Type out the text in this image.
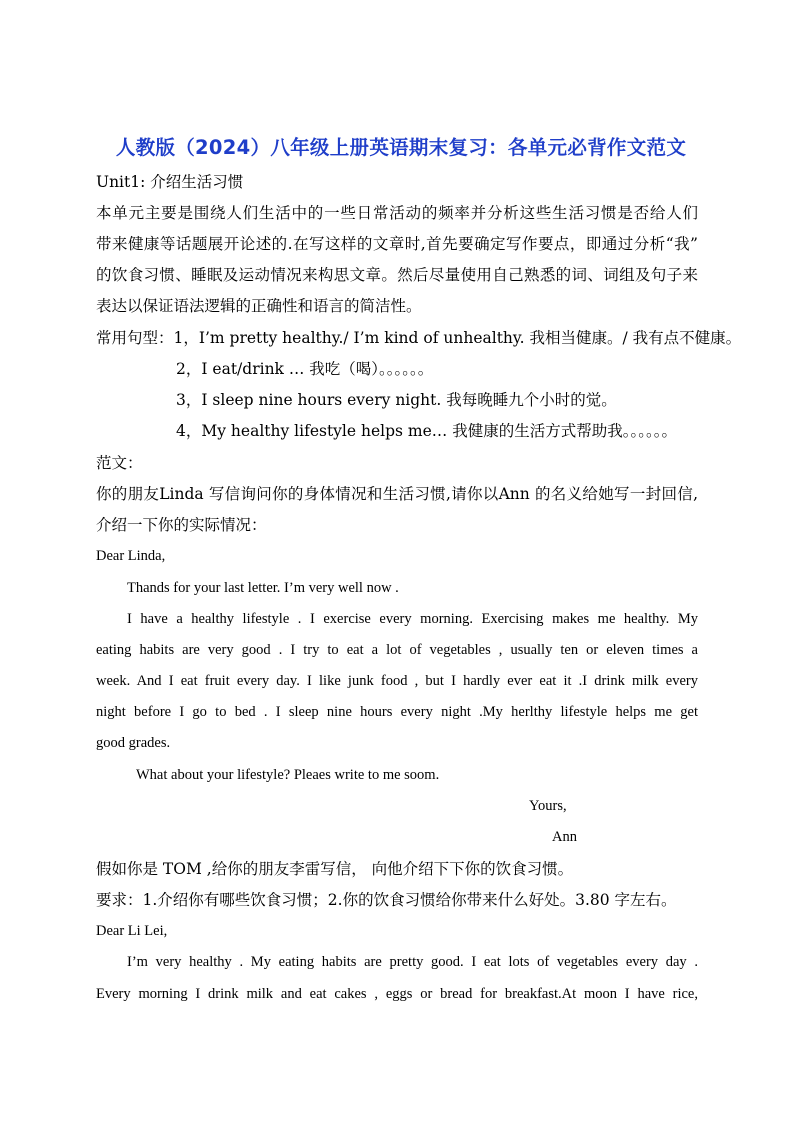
人教版（2024）八年级上册英语期末复习：各单元必背作文范文
Unit1: 介绍生活习惯
本单元主要是围绕人们生活中的一些日常活动的频率并分析这些生活习惯是否给人们
带来健康等话题展开论述的.在写这样的文章时,首先要确定写作要点，即通过分析“我”
的饮食习惯、睡眠及运动情况来构思文章。然后尽量使用自己熟悉的词、词组及句子来
表达以保证语法逻辑的正确性和语言的简洁性。
常用句型：1，I’m pretty healthy./ I’m kind of unhealthy. 我相当健康。/ 我有点不健康。
2，I eat/drink … 我吃（喝）。。。。。。
3，I sleep nine hours every night. 我每晚睡九个小时的觉。
4，My healthy lifestyle helps me… 我健康的生活方式帮助我。。。。。。
范文：
你的朋友Linda 写信询问你的身体情况和生活习惯,请你以Ann 的名义给她写一封回信,
介绍一下你的实际情况：
Dear Linda,
Thands for your last letter. I’m very well now .
I have a healthy lifestyle . I exercise every morning. Exercising makes me healthy. My
eating habits are very good . I try to eat a lot of vegetables , usually ten or eleven times a
week. And I eat fruit every day. I like junk food , but I hardly ever eat it .I drink milk every
night before I go to bed . I sleep nine hours every night .My herlthy lifestyle helps me get
good grades.
What about your lifestyle? Pleaes write to me soom.
Yours,
Ann
假如你是 TOM ,给你的朋友李雷写信， 向他介绍下下你的饮食习惯。
要求：1.介绍你有哪些饮食习惯；2.你的饮食习惯给你带来什么好处。3.80 字左右。
Dear Li Lei,
I’m very healthy . My eating habits are pretty good. I eat lots of vegetables every day .
Every morning I drink milk and eat cakes , eggs or bread for breakfast.At moon I have rice,
